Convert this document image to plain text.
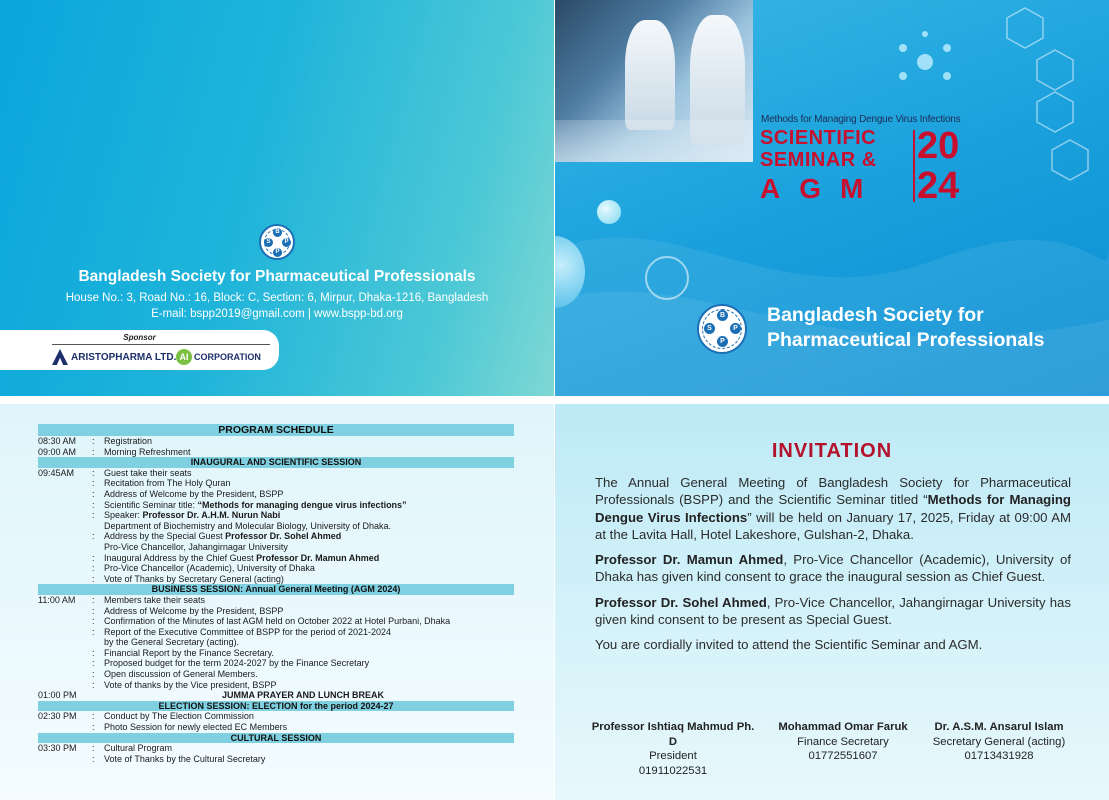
B
S	P
P
Bangladesh Society for Pharmaceutical Professionals
House No.: 3, Road No.: 16, Block: C, Section: 6, Mirpur, Dhaka-1216, Bangladesh
E-mail: bspp2019@gmail.com | www.bspp-bd.org
Sponsor
ARISTOPHARMA LTD. AI CORPORATION
Methods for Managing Dengue Virus Infections
SCIENTIFIC
SEMINAR &
AGM
20
24
B
S	P
P
Bangladesh Society for
Pharmaceutical Professionals
PROGRAM SCHEDULE
08:30 AM	:	Registration
09:00 AM	:	Morning Refreshment
INAUGURAL AND SCIENTIFIC SESSION
09:45AM	:	Guest take their seats
:	Recitation from The Holy Quran
:	Address of Welcome by the President, BSPP
:	Scientific Seminar title: “Methods for managing dengue virus infections”
:	Speaker: Professor Dr. A.H.M. Nurun Nabi
Department of Biochemistry and Molecular Biology, University of Dhaka.
:	Address by the Special Guest Professor Dr. Sohel Ahmed
Pro-Vice Chancellor, Jahangirnagar University
:	Inaugural Address by the Chief Guest Professor Dr. Mamun Ahmed
:	Pro-Vice Chancellor (Academic), University of Dhaka
:	Vote of Thanks by Secretary General (acting)
BUSINESS SESSION: Annual General Meeting (AGM 2024)
11:00 AM	:	Members take their seats
:	Address of Welcome by the President, BSPP
:	Confirmation of the Minutes of last AGM held on October 2022 at Hotel Purbani, Dhaka
:	Report of the Executive Committee of BSPP for the period of 2021-2024
by the General Secretary (acting).
:	Financial Report by the Finance Secretary.
:	Proposed budget for the term 2024-2027 by the Finance Secretary
:	Open discussion of General Members.
:	Vote of thanks by the Vice president, BSPP
01:00 PM	JUMMA PRAYER AND LUNCH BREAK
ELECTION SESSION: ELECTION for the period 2024-27
02:30 PM	:	Conduct by The Election Commission
:	Photo Session for newly elected EC Members
CULTURAL SESSION
03:30 PM	:	Cultural Program
:	Vote of Thanks by the Cultural Secretary
INVITATION

The Annual General Meeting of Bangladesh Society for Pharmaceutical Professionals (BSPP) and the Scientific Seminar titled “Methods for Managing Dengue Virus Infections” will be held on January 17, 2025, Friday at 09:00 AM at the Lavita Hall, Hotel Lakeshore, Gulshan-2, Dhaka.

Professor Dr. Mamun Ahmed, Pro-Vice Chancellor (Academic), University of Dhaka has given kind consent to grace the inaugural session as Chief Guest.

Professor Dr. Sohel Ahmed, Pro-Vice Chancellor, Jahangirnagar University has given kind consent to be present as Special Guest.

You are cordially invited to attend the Scientific Seminar and AGM.

Professor Ishtiaq Mahmud Ph. D
President
01911022531
Mohammad Omar Faruk
Finance Secretary
01772551607
Dr. A.S.M. Ansarul Islam
Secretary General (acting)
01713431928
